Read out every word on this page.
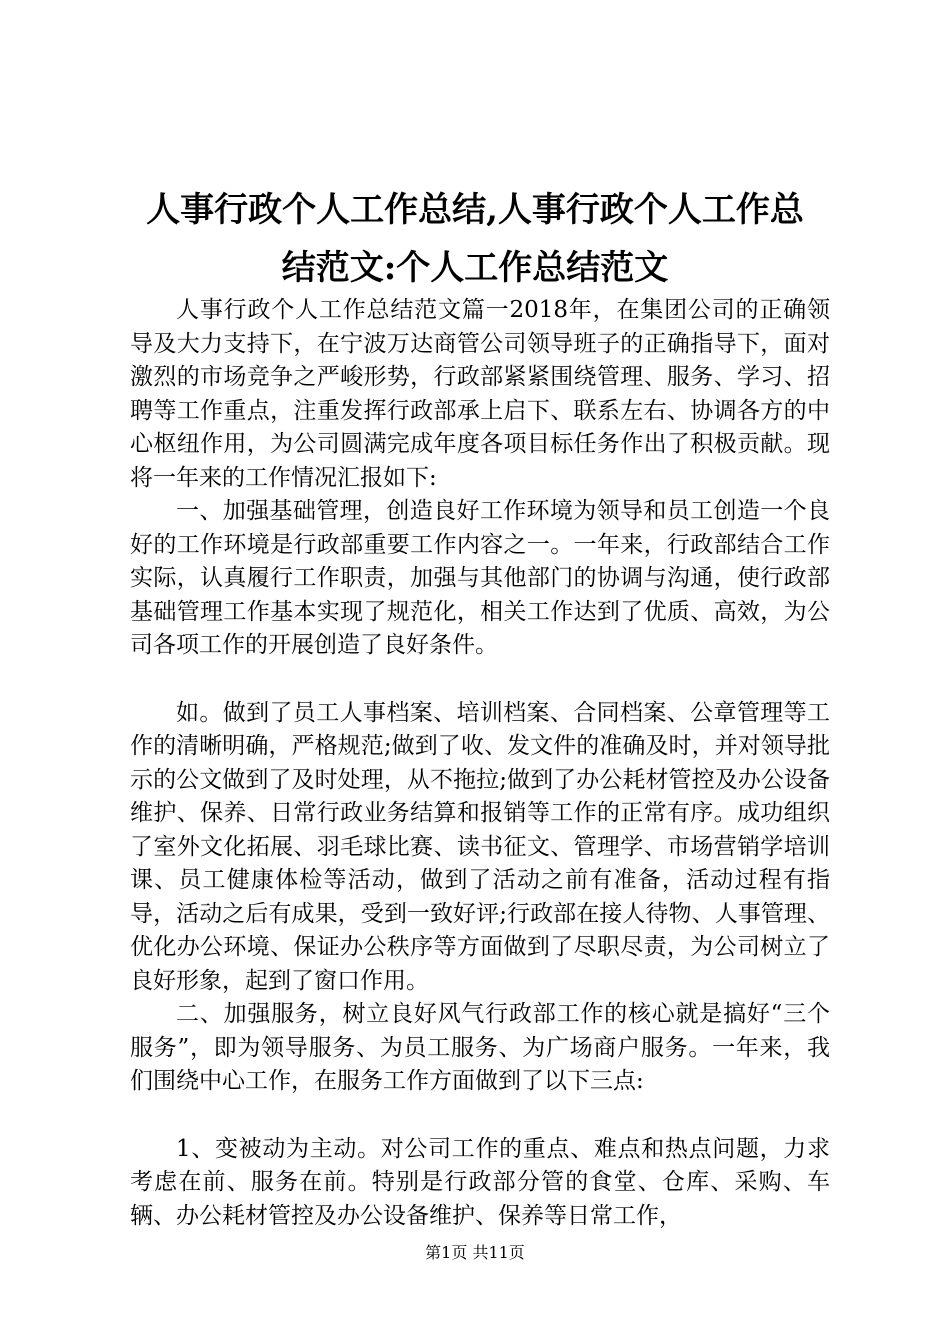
人事行政个人工作总结,人事行政个人工作总
结范文:个人工作总结范文

人事行政个人工作总结范文篇一2018年，在集团公司的正确领导及大力支持下，在宁波万达商管公司领导班子的正确指导下，面对激烈的市场竞争之严峻形势，行政部紧紧围绕管理、服务、学习、招聘等工作重点，注重发挥行政部承上启下、联系左右、协调各方的中心枢纽作用，为公司圆满完成年度各项目标任务作出了积极贡献。现将一年来的工作情况汇报如下:

一、加强基础管理，创造良好工作环境为领导和员工创造一个良好的工作环境是行政部重要工作内容之一。一年来，行政部结合工作实际，认真履行工作职责，加强与其他部门的协调与沟通，使行政部基础管理工作基本实现了规范化，相关工作达到了优质、高效，为公司各项工作的开展创造了良好条件。

如。做到了员工人事档案、培训档案、合同档案、公章管理等工作的清晰明确，严格规范;做到了收、发文件的准确及时，并对领导批示的公文做到了及时处理，从不拖拉;做到了办公耗材管控及办公设备维护、保养、日常行政业务结算和报销等工作的正常有序。成功组织了室外文化拓展、羽毛球比赛、读书征文、管理学、市场营销学培训课、员工健康体检等活动，做到了活动之前有准备，活动过程有指导，活动之后有成果，受到一致好评;行政部在接人待物、人事管理、优化办公环境、保证办公秩序等方面做到了尽职尽责，为公司树立了良好形象，起到了窗口作用。

二、加强服务，树立良好风气行政部工作的核心就是搞好“三个服务”，即为领导服务、为员工服务、为广场商户服务。一年来，我们围绕中心工作，在服务工作方面做到了以下三点:

1、变被动为主动。对公司工作的重点、难点和热点问题，力求考虑在前、服务在前。特别是行政部分管的食堂、仓库、采购、车辆、办公耗材管控及办公设备维护、保养等日常工作，

第1页 共11页
